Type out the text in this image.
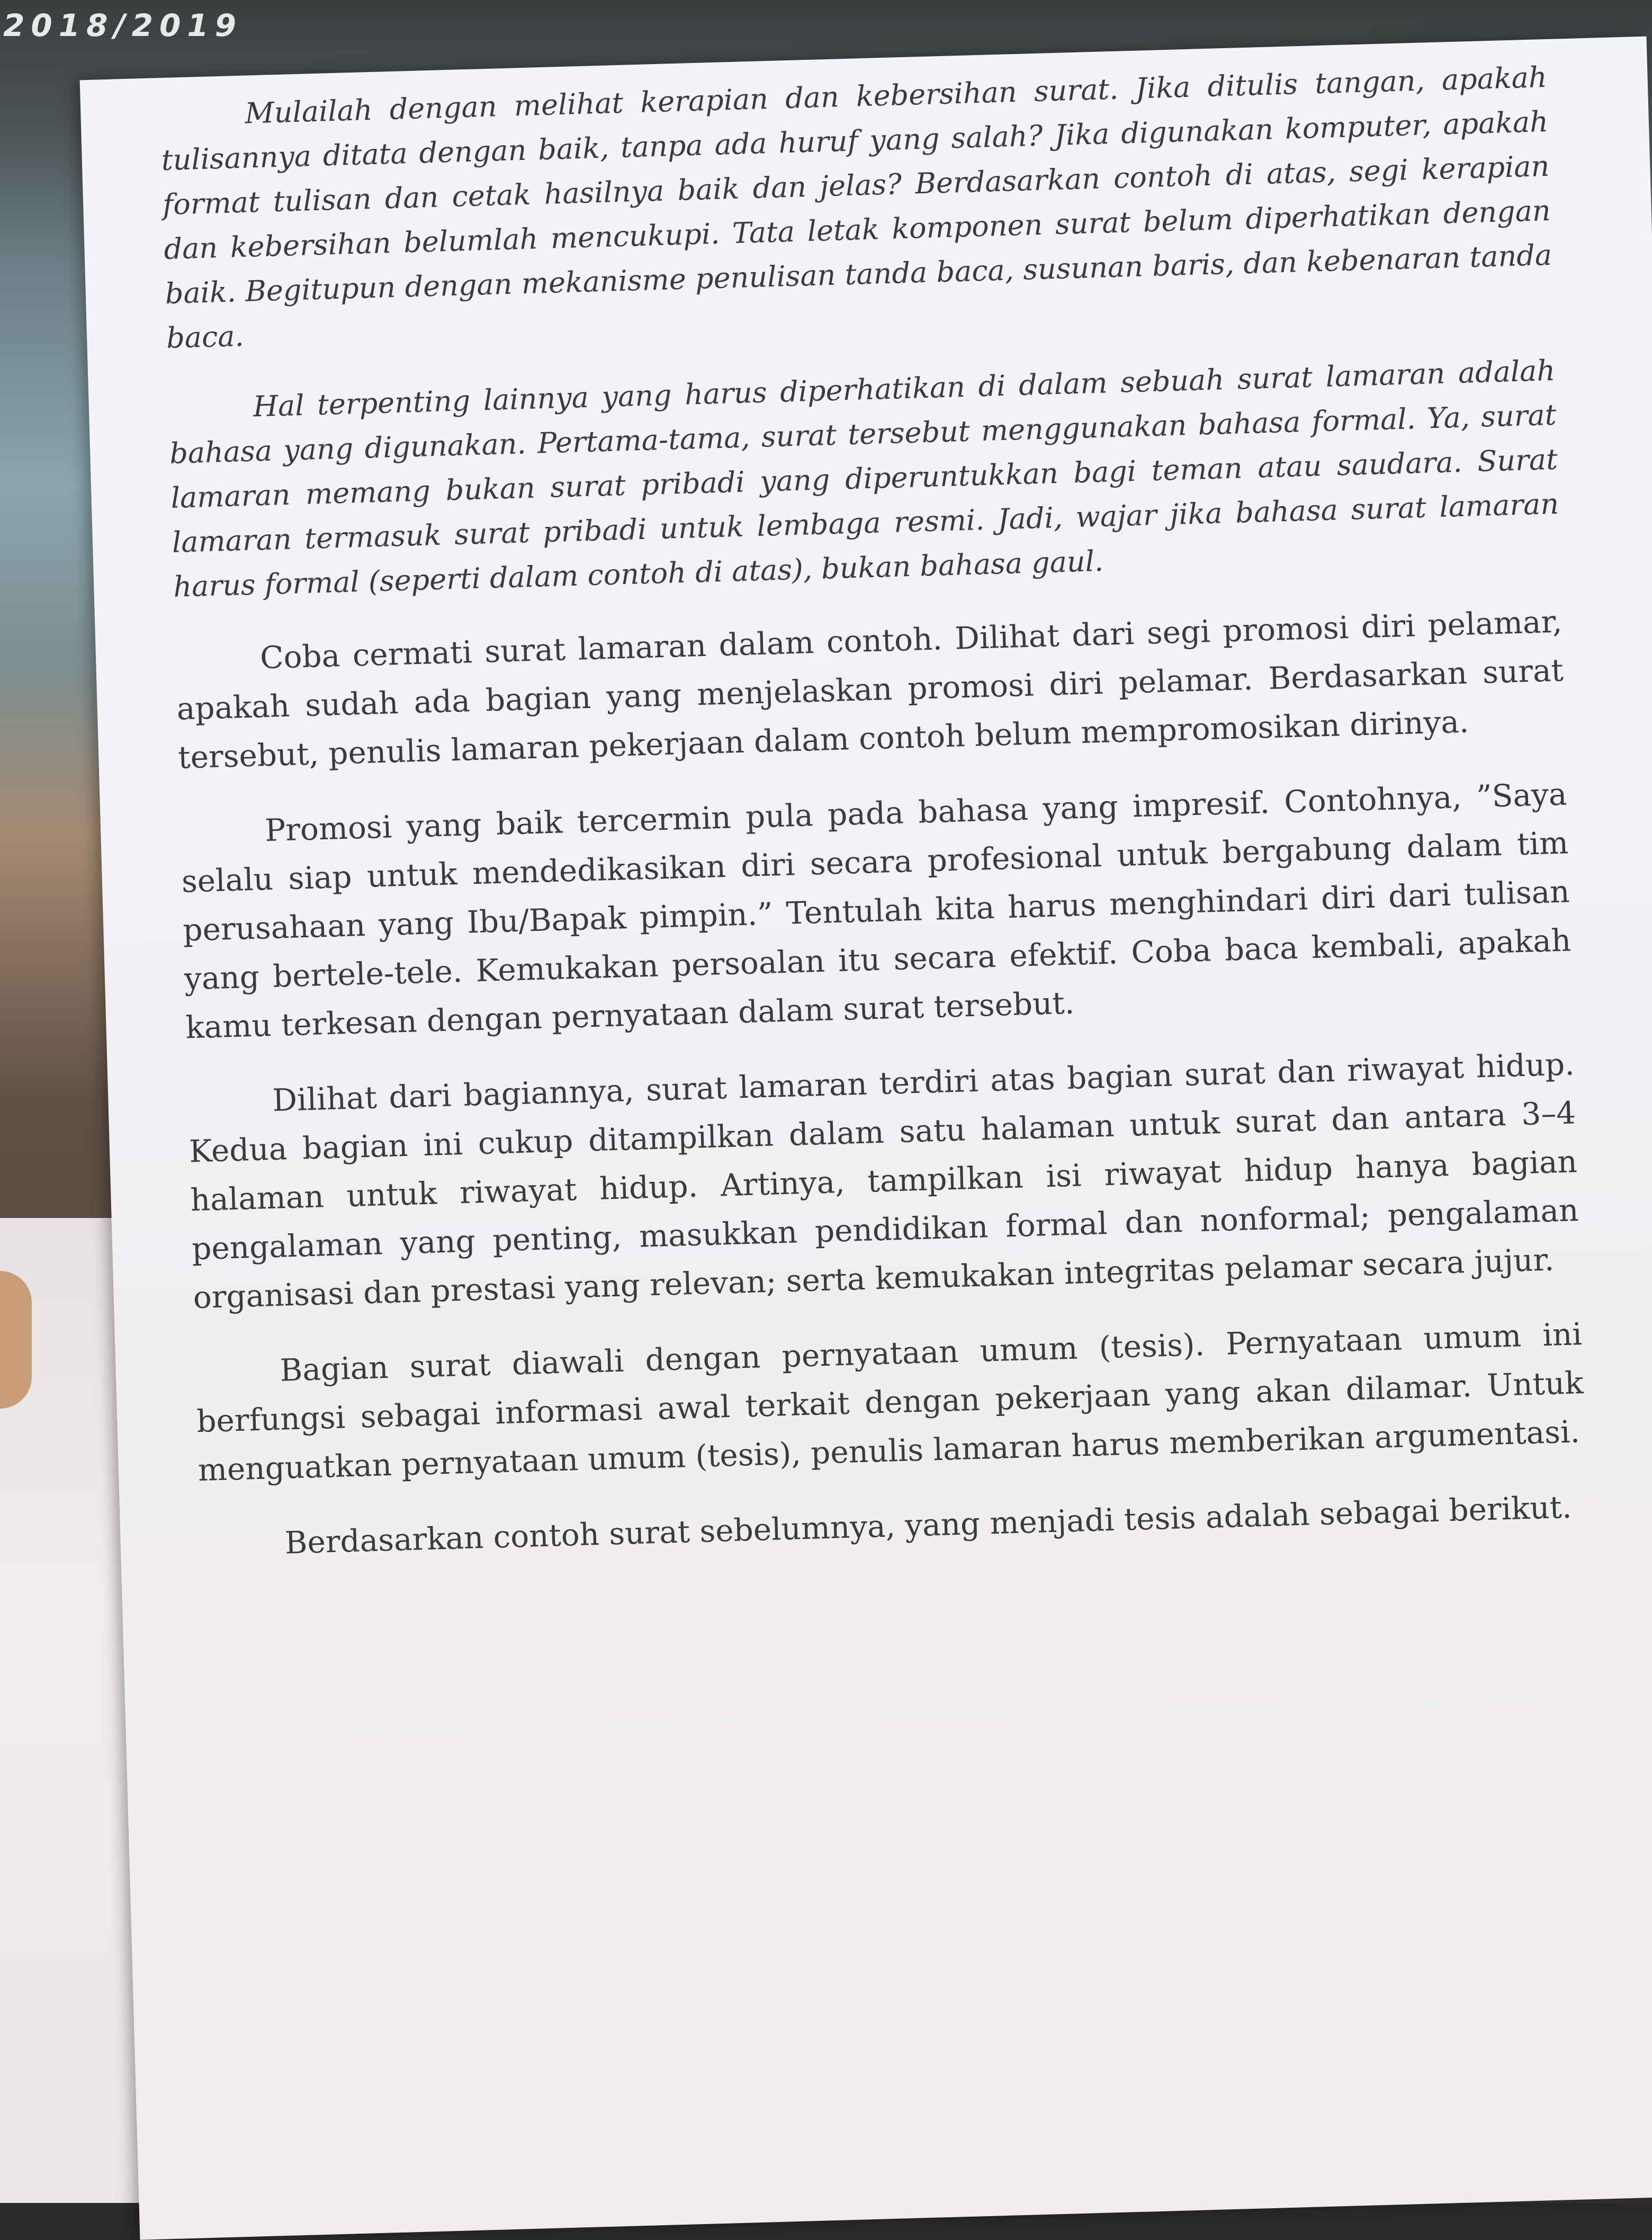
2018/2019

Mulailah dengan melihat kerapian dan kebersihan surat. Jika ditulis tangan, apakah tulisannya ditata dengan baik, tanpa ada huruf yang salah? Jika digunakan komputer, apakah format tulisan dan cetak hasilnya baik dan jelas? Berdasarkan contoh di atas, segi kerapian dan kebersihan belumlah mencukupi. Tata letak komponen surat belum diperhatikan dengan baik. Begitupun dengan mekanisme penulisan tanda baca, susunan baris, dan kebenaran tanda baca.

Hal terpenting lainnya yang harus diperhatikan di dalam sebuah surat lamaran adalah bahasa yang digunakan. Pertama-tama, surat tersebut menggunakan bahasa formal. Ya, surat lamaran memang bukan surat pribadi yang diperuntukkan bagi teman atau saudara. Surat lamaran termasuk surat pribadi untuk lembaga resmi. Jadi, wajar jika bahasa surat lamaran harus formal (seperti dalam contoh di atas), bukan bahasa gaul.

Coba cermati surat lamaran dalam contoh. Dilihat dari segi promosi diri pelamar, apakah sudah ada bagian yang menjelaskan promosi diri pelamar. Berdasarkan surat tersebut, penulis lamaran pekerjaan dalam contoh belum mempromosikan dirinya.

Promosi yang baik tercermin pula pada bahasa yang impresif. Contohnya, ”Saya selalu siap untuk mendedikasikan diri secara profesional untuk bergabung dalam tim perusahaan yang Ibu/Bapak pimpin.” Tentulah kita harus menghindari diri dari tulisan yang bertele-tele. Kemukakan persoalan itu secara efektif. Coba baca kembali, apakah kamu terkesan dengan pernyataan dalam surat tersebut.

Dilihat dari bagiannya, surat lamaran terdiri atas bagian surat dan riwayat hidup. Kedua bagian ini cukup ditampilkan dalam satu halaman untuk surat dan antara 3–4 halaman untuk riwayat hidup. Artinya, tampilkan isi riwayat hidup hanya bagian pengalaman yang penting, masukkan pendidikan formal dan nonformal; pengalaman organisasi dan prestasi yang relevan; serta kemukakan integritas pelamar secara jujur.

Bagian surat diawali dengan pernyataan umum (tesis). Pernyataan umum ini berfungsi sebagai informasi awal terkait dengan pekerjaan yang akan dilamar. Untuk menguatkan pernyataan umum (tesis), penulis lamaran harus memberikan argumentasi.

Berdasarkan contoh surat sebelumnya, yang menjadi tesis adalah sebagai berikut.
